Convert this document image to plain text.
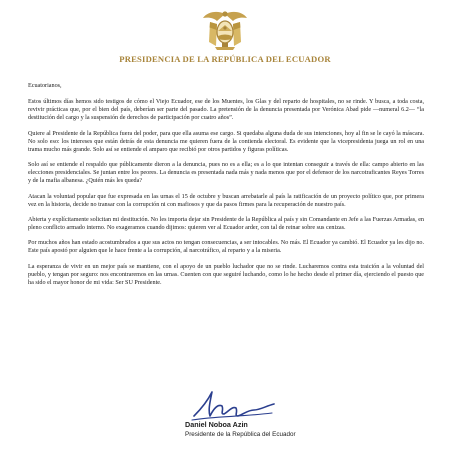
PRESIDENCIA DE LA REPÚBLICA DEL ECUADOR

Ecuatorianos,

Estos últimos días hemos sido testigos de cómo el Viejo Ecuador, ese de los Muentes, los Glas y del reparto de hospitales, no se rinde. Y busca, a toda costa, revivir prácticas que, por el bien del país, deberían ser parte del pasado. La pretensión de la denuncia presentada por Verónica Abad pide —numeral 6.2— “la destitución del cargo y la suspensión de derechos de participación por cuatro años”.

Quiere al Presidente de la República fuera del poder, para que ella asuma ese cargo. Si quedaba alguna duda de sus intenciones, hoy al fin se le cayó la máscara. No solo eso: los intereses que están detrás de esta denuncia me quieren fuera de la contienda electoral. Es evidente que la vicepresidenta juega un rol en una trama mucho más grande. Solo así se entiende el amparo que recibió por otros partidos y figuras políticas.

Solo así se entiende el respaldo que públicamente dieron a la denuncia, pues no es a ella; es a lo que intentan conseguir a través de ella: campo abierto en las elecciones presidenciales. Se juntan entre los peores. La denuncia es presentada nada más y nada menos que por el defensor de los narcotraficantes Reyes Torres y de la mafia albanesa. ¿Quién más les queda?

Atacan la voluntad popular que fue expresada en las urnas el 15 de octubre y buscan arrebatarle al país la ratificación de un proyecto político que, por primera vez en la historia, decide no transar con la corrupción ni con mafiosos y que da pasos firmes para la recuperación de nuestro país.

Abierta y explícitamente solicitan mi destitución. No les importa dejar sin Presidente de la República al país y sin Comandante en Jefe a las Fuerzas Armadas, en pleno conflicto armado interno. No exageramos cuando dijimos: quieren ver al Ecuador arder, con tal de reinar sobre sus cenizas.

Por muchos años han estado acostumbrados a que sus actos no tengan consecuencias, a ser intocables. No más. El Ecuador ya cambió. El Ecuador ya les dijo no. Este país apostó por alguien que le hace frente a la corrupción, al narcotráfico, al reparto y a la miseria.

La esperanza de vivir en un mejor país se mantiene, con el apoyo de un pueblo luchador que no se rinde. Lucharemos contra esta traición a la voluntad del pueblo, y tengan por seguro: nos encontraremos en las urnas. Cuenten con que seguiré luchando, como lo he hecho desde el primer día, ejerciendo el puesto que ha sido el mayor honor de mi vida: Ser SU Presidente.

Daniel Noboa Azin
Presidente de la República del Ecuador
